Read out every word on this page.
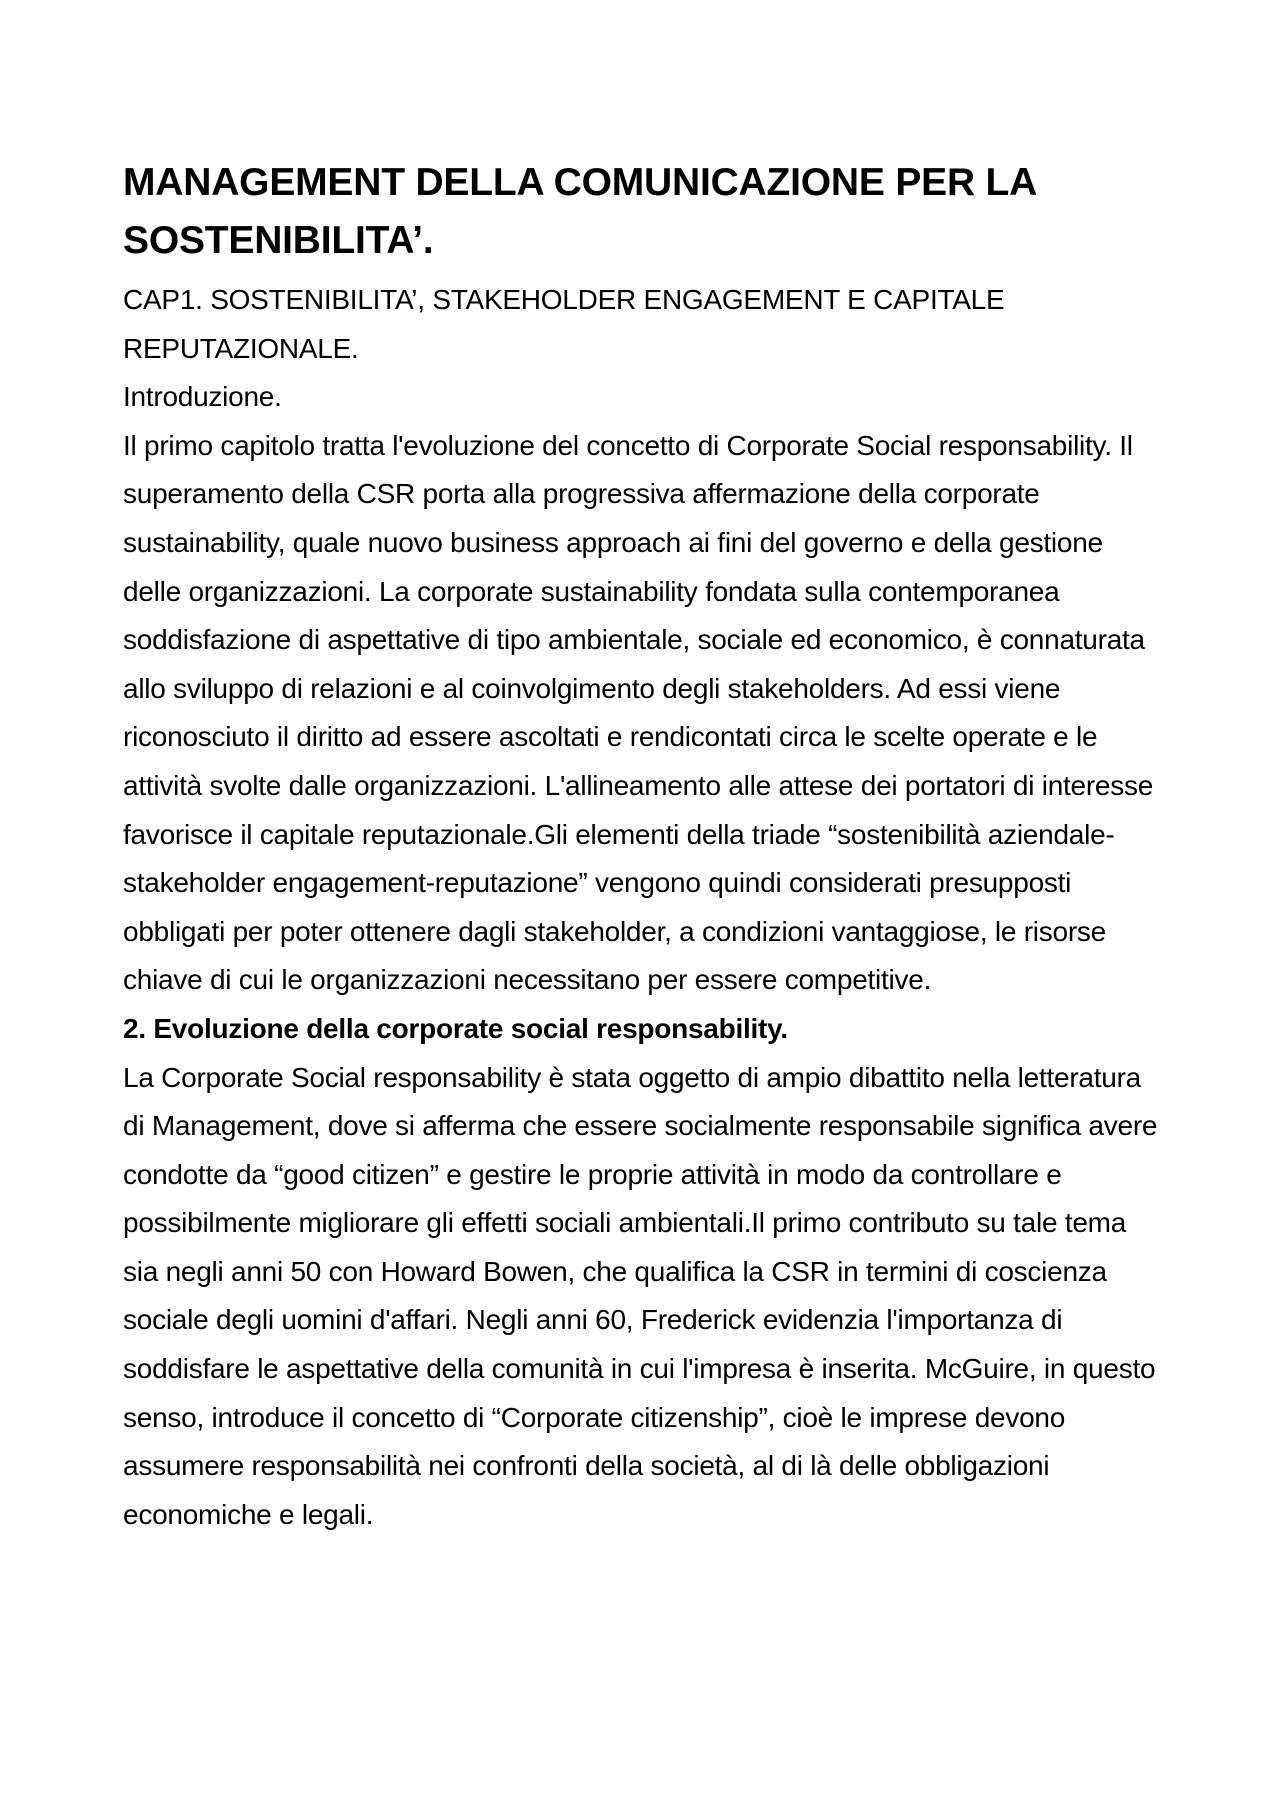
MANAGEMENT DELLA COMUNICAZIONE PER LA SOSTENIBILITA’.

CAP1. SOSTENIBILITA’, STAKEHOLDER ENGAGEMENT E CAPITALE REPUTAZIONALE.

Introduzione.

Il primo capitolo tratta l'evoluzione del concetto di Corporate Social responsability. Il superamento della CSR porta alla progressiva affermazione della corporate sustainability, quale nuovo business approach ai fini del governo e della gestione delle organizzazioni. La corporate sustainability fondata sulla contemporanea soddisfazione di aspettative di tipo ambientale, sociale ed economico, è connaturata allo sviluppo di relazioni e al coinvolgimento degli stakeholders. Ad essi viene riconosciuto il diritto ad essere ascoltati e rendicontati circa le scelte operate e le attività svolte dalle organizzazioni. L'allineamento alle attese dei portatori di interesse favorisce il capitale reputazionale.Gli elementi della triade “sostenibilità aziendale-stakeholder engagement-reputazione” vengono quindi considerati presupposti obbligati per poter ottenere dagli stakeholder, a condizioni vantaggiose, le risorse chiave di cui le organizzazioni necessitano per essere competitive.

2. Evoluzione della corporate social responsability.

La Corporate Social responsability è stata oggetto di ampio dibattito nella letteratura di Management, dove si afferma che essere socialmente responsabile significa avere condotte da “good citizen” e gestire le proprie attività in modo da controllare e possibilmente migliorare gli effetti sociali ambientali.Il primo contributo su tale tema sia negli anni 50 con Howard Bowen, che qualifica la CSR in termini di coscienza sociale degli uomini d'affari. Negli anni 60, Frederick evidenzia l'importanza di soddisfare le aspettative della comunità in cui l'impresa è inserita. McGuire, in questo senso, introduce il concetto di “Corporate citizenship”, cioè le imprese devono assumere responsabilità nei confronti della società, al di là delle obbligazioni economiche e legali.
